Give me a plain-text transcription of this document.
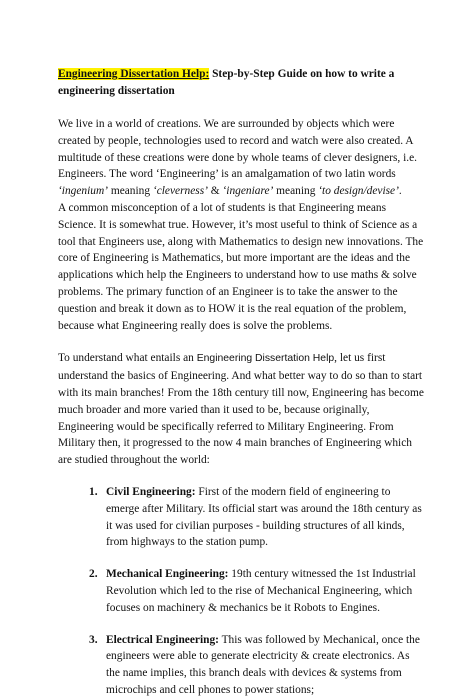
Engineering Dissertation Help: Step-by-Step Guide on how to write a engineering dissertation

We live in a world of creations. We are surrounded by objects which were created by people, technologies used to record and watch were also created. A multitude of these creations were done by whole teams of clever designers, i.e. Engineers. The word ‘Engineering’ is an amalgamation of two latin words ‘ingenium’ meaning ‘cleverness’ & ‘ingeniare’ meaning ‘to design/devise’.

A common misconception of a lot of students is that Engineering means Science. It is somewhat true. However, it’s most useful to think of Science as a tool that Engineers use, along with Mathematics to design new innovations. The core of Engineering is Mathematics, but more important are the ideas and the applications which help the Engineers to understand how to use maths & solve problems. The primary function of an Engineer is to take the answer to the question and break it down as to HOW it is the real equation of the problem, because what Engineering really does is solve the problems.

To understand what entails an Engineering Dissertation Help, let us first understand the basics of Engineering. And what better way to do so than to start with its main branches! From the 18th century till now, Engineering has become much broader and more varied than it used to be, because originally, Engineering would be specifically referred to Military Engineering. From Military then, it progressed to the now 4 main branches of Engineering which are studied throughout the world:

1. Civil Engineering: First of the modern field of engineering to emerge after Military. Its official start was around the 18th century as it was used for civilian purposes - building structures of all kinds, from highways to the station pump.
2. Mechanical Engineering: 19th century witnessed the 1st Industrial Revolution which led to the rise of Mechanical Engineering, which focuses on machinery & mechanics be it Robots to Engines.
3. Electrical Engineering: This was followed by Mechanical, once the engineers were able to generate electricity & create electronics. As the name implies, this branch deals with devices & systems from microchips and cell phones to power stations;
